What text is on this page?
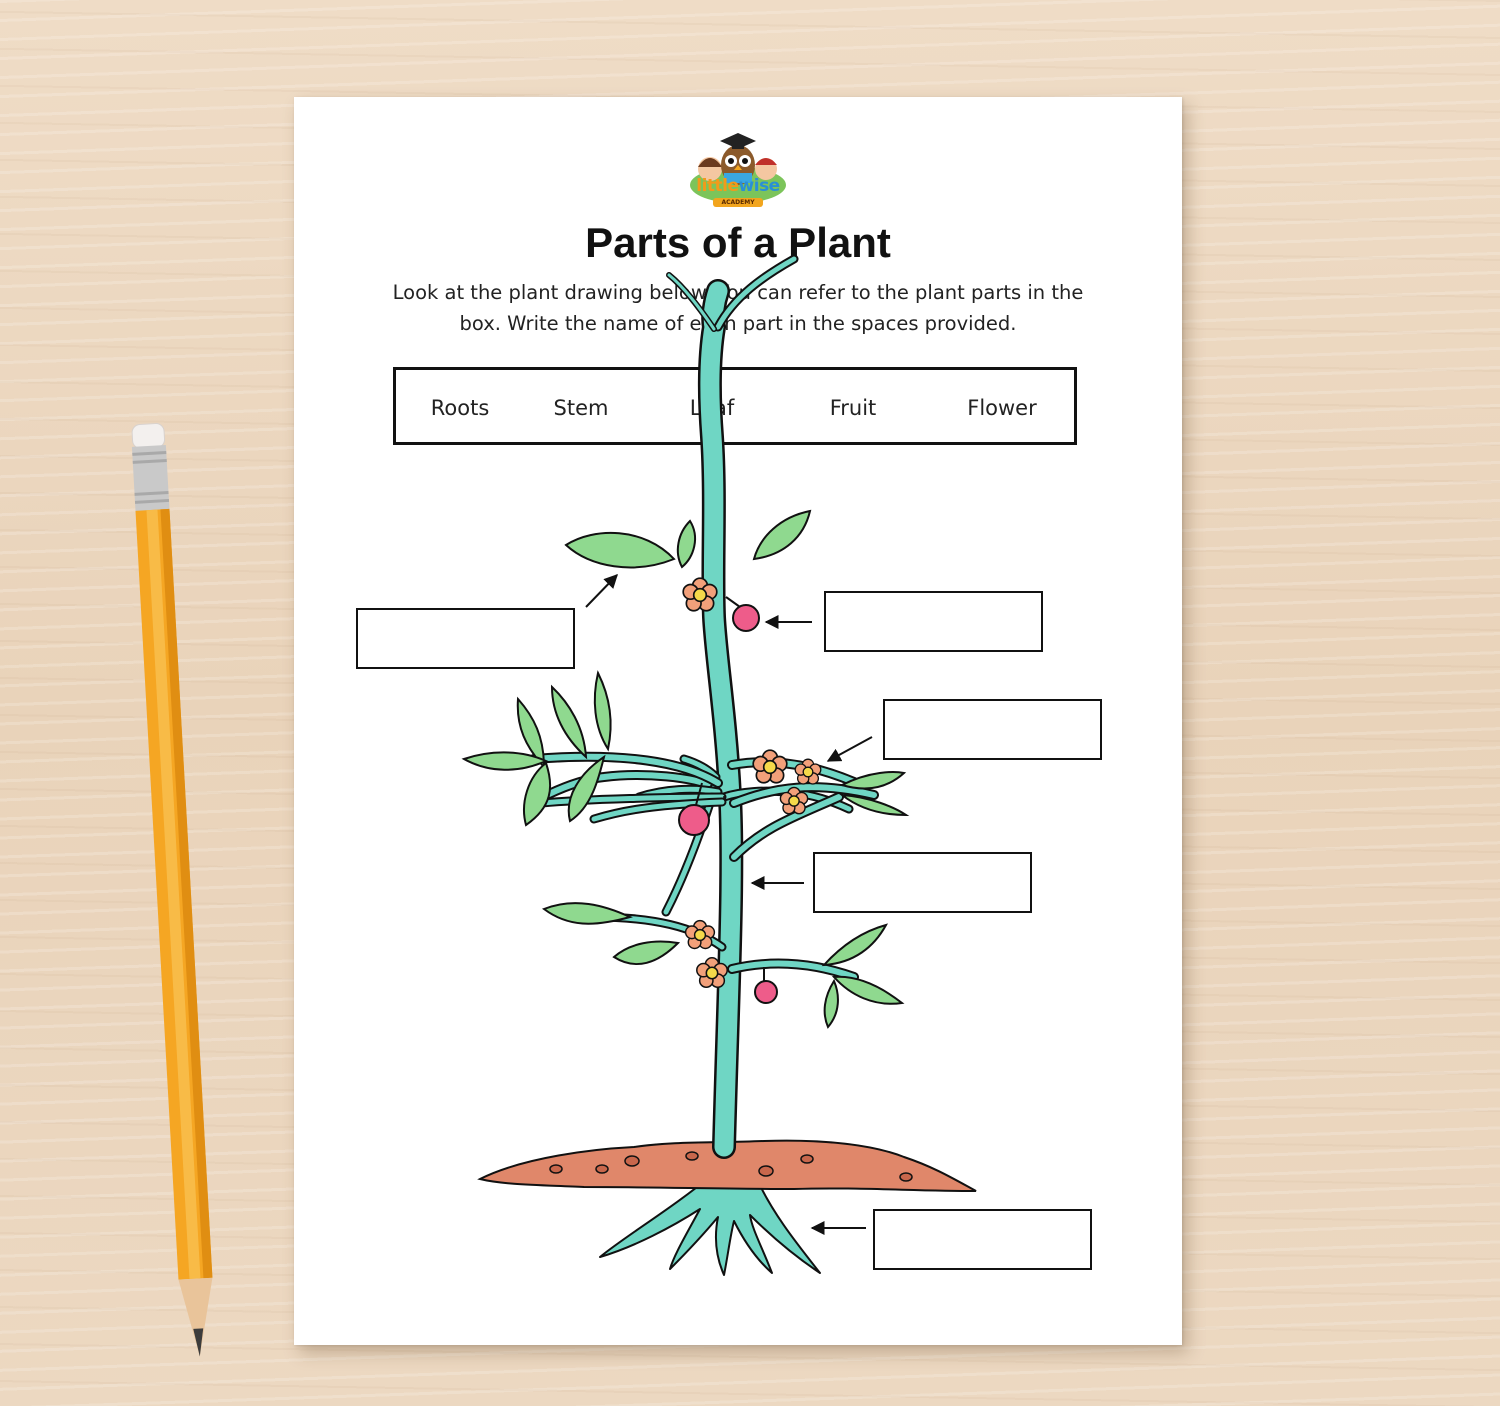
littlewise
ACADEMY
Parts of a Plant
Look at the plant drawing below. You can refer to the plant parts in the box. Write the name of each part in the spaces provided.
Roots	Stem	Leaf	Fruit	Flower
